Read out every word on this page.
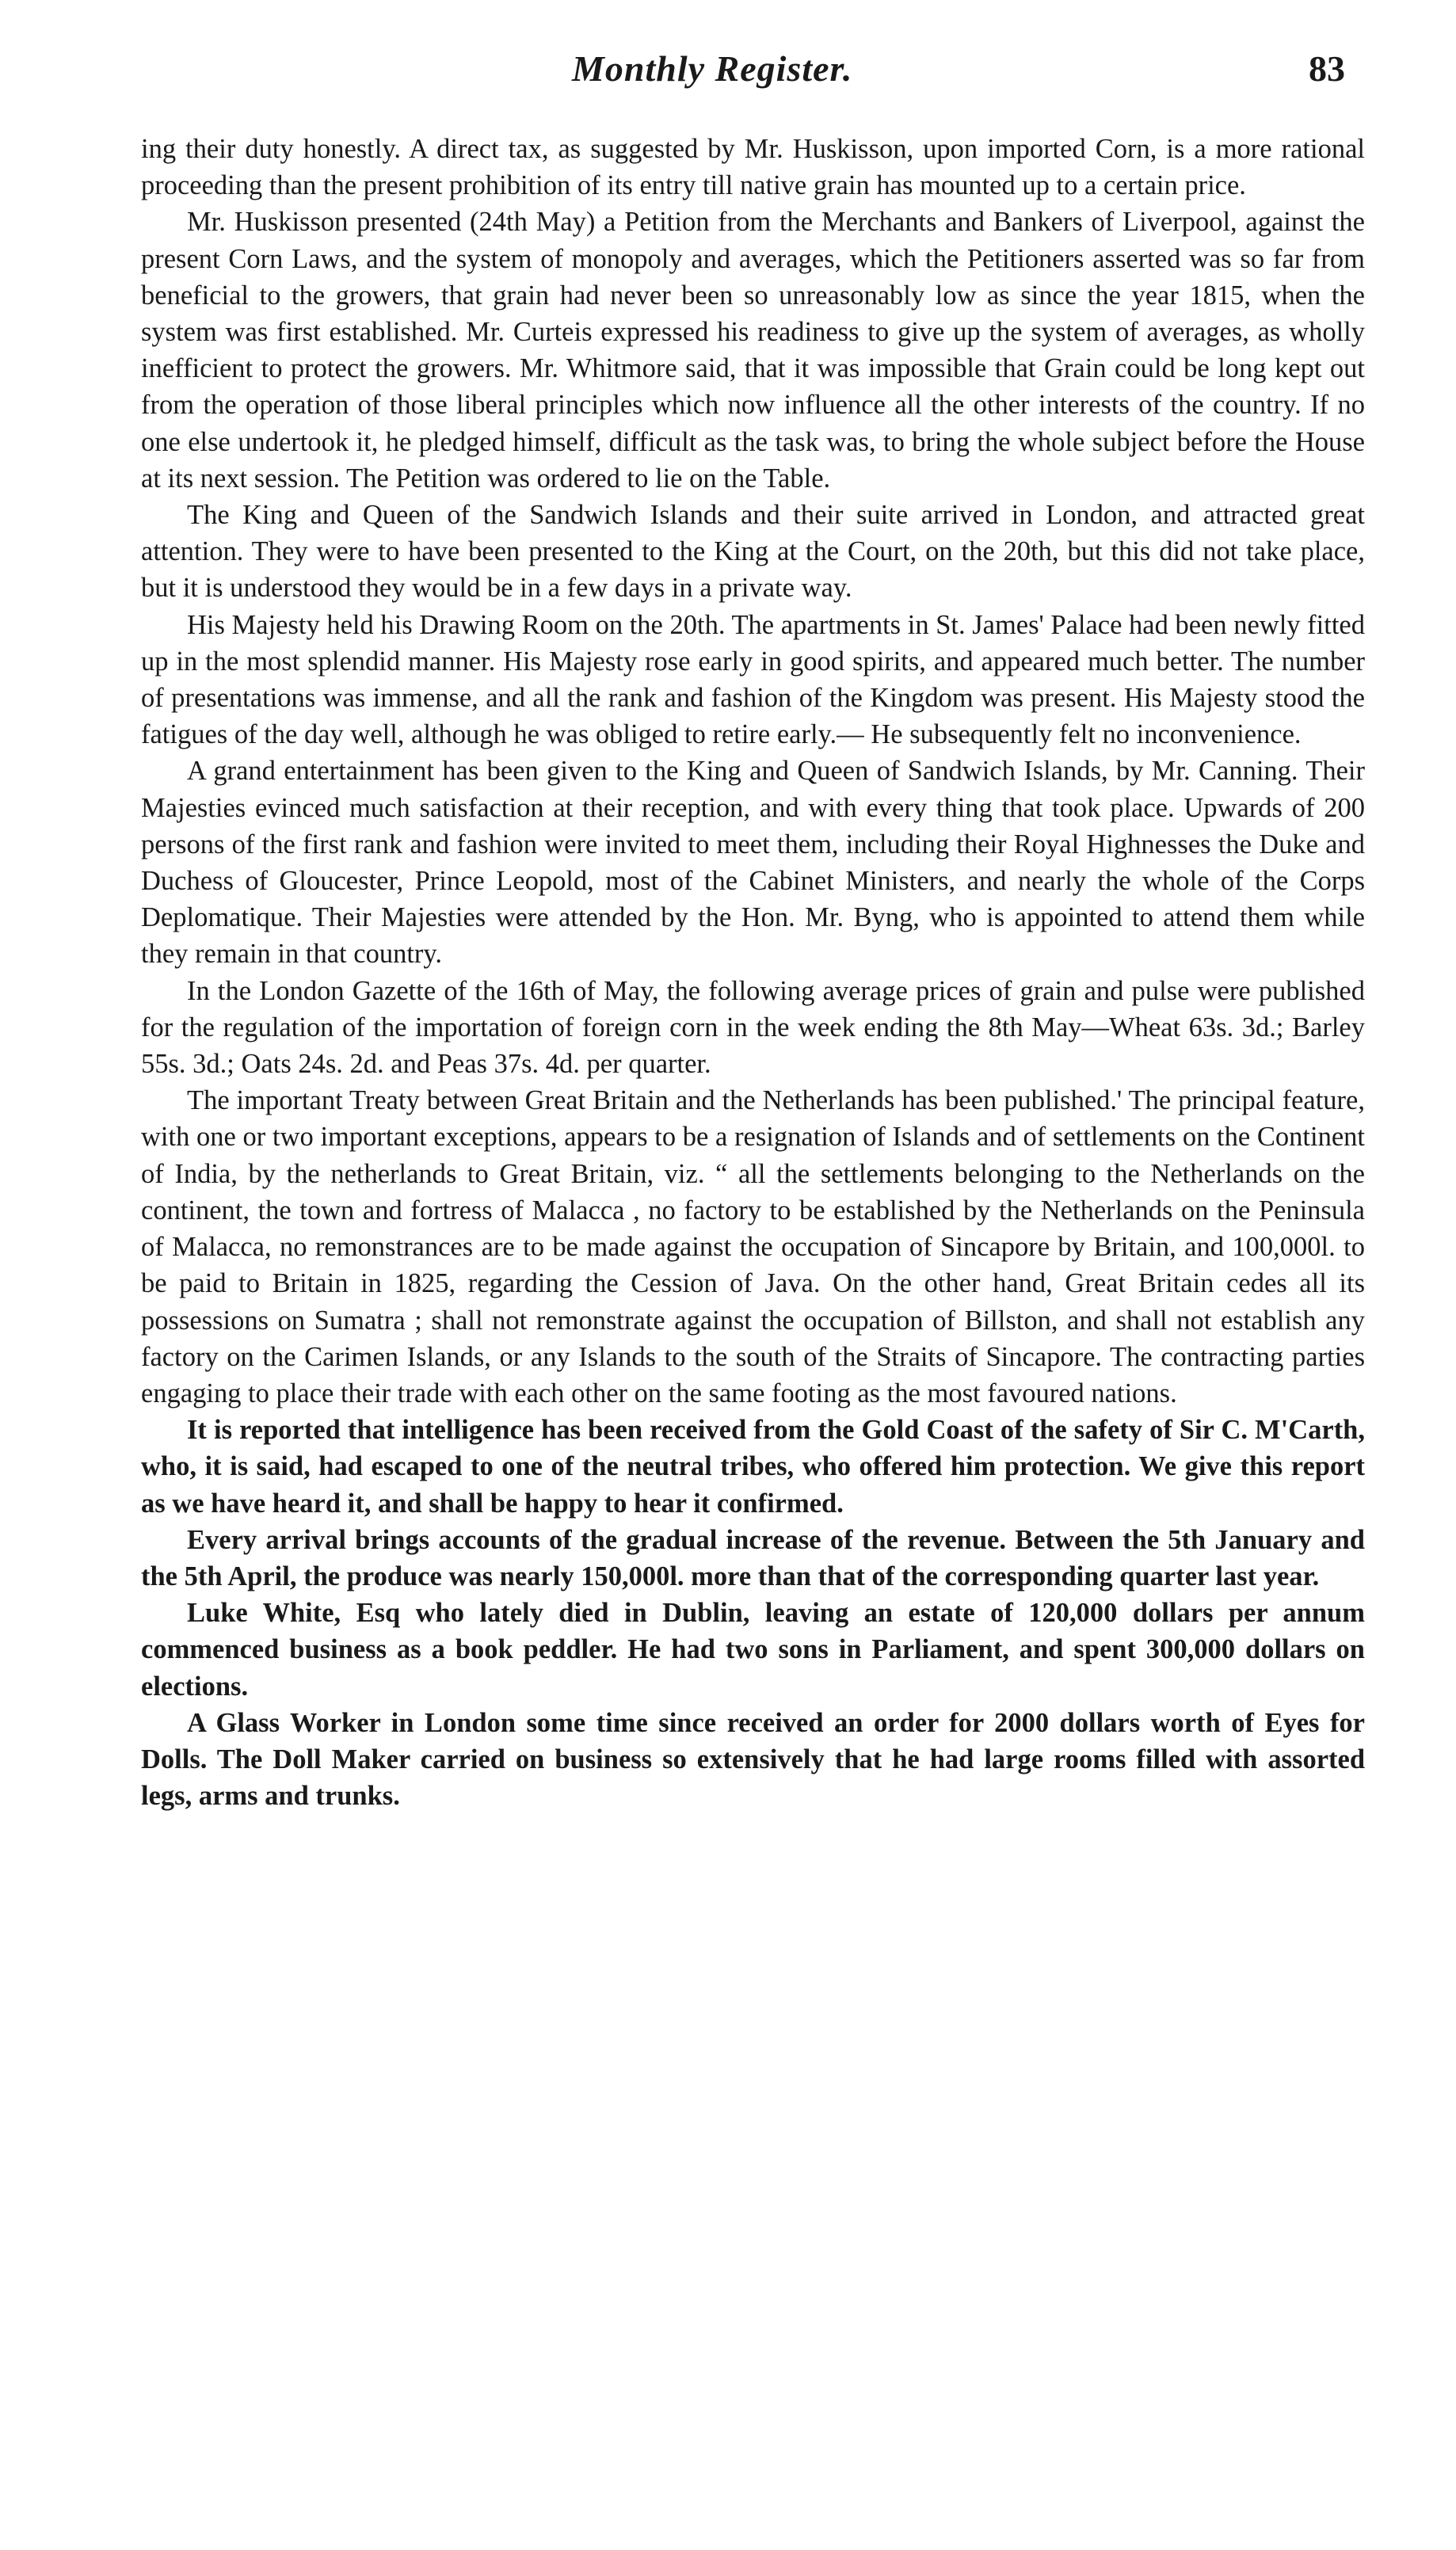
Monthly Register.	83

ing their duty honestly. A direct tax, as suggested by Mr. Huskisson, upon imported Corn, is a more rational proceeding than the present prohibition of its entry till native grain has mounted up to a certain price.

Mr. Huskisson presented (24th May) a Petition from the Merchants and Bankers of Liverpool, against the present Corn Laws, and the system of monopoly and averages, which the Petitioners asserted was so far from beneficial to the growers, that grain had never been so unreasonably low as since the year 1815, when the system was first established. Mr. Curteis expressed his readiness to give up the system of averages, as wholly inefficient to protect the growers. Mr. Whitmore said, that it was impossible that Grain could be long kept out from the operation of those liberal principles which now influence all the other interests of the country. If no one else undertook it, he pledged himself, difficult as the task was, to bring the whole subject before the House at its next session. The Petition was ordered to lie on the Table.

The King and Queen of the Sandwich Islands and their suite arrived in London, and attracted great attention. They were to have been presented to the King at the Court, on the 20th, but this did not take place, but it is understood they would be in a few days in a private way.

His Majesty held his Drawing Room on the 20th. The apartments in St. James' Palace had been newly fitted up in the most splendid manner. His Majesty rose early in good spirits, and appeared much better. The number of presentations was immense, and all the rank and fashion of the Kingdom was present. His Majesty stood the fatigues of the day well, although he was obliged to retire early.— He subsequently felt no inconvenience.

A grand entertainment has been given to the King and Queen of Sandwich Islands, by Mr. Canning. Their Majesties evinced much satisfaction at their reception, and with every thing that took place. Upwards of 200 persons of the first rank and fashion were invited to meet them, including their Royal Highnesses the Duke and Duchess of Gloucester, Prince Leopold, most of the Cabinet Ministers, and nearly the whole of the Corps Deplomatique. Their Majesties were attended by the Hon. Mr. Byng, who is appointed to attend them while they remain in that country.

In the London Gazette of the 16th of May, the following average prices of grain and pulse were published for the regulation of the importation of foreign corn in the week ending the 8th May—Wheat 63s. 3d.; Barley 55s. 3d.; Oats 24s. 2d. and Peas 37s. 4d. per quarter.

The important Treaty between Great Britain and the Netherlands has been published.' The principal feature, with one or two important exceptions, appears to be a resignation of Islands and of settlements on the Continent of India, by the netherlands to Great Britain, viz. “ all the settlements belonging to the Netherlands on the continent, the town and fortress of Malacca , no factory to be established by the Netherlands on the Peninsula of Malacca, no remonstrances are to be made against the occupation of Sincapore by Britain, and 100,000l. to be paid to Britain in 1825, regarding the Cession of Java. On the other hand, Great Britain cedes all its possessions on Sumatra ; shall not remonstrate against the occupation of Billston, and shall not establish any factory on the Carimen Islands, or any Islands to the south of the Straits of Sincapore. The contracting parties engaging to place their trade with each other on the same footing as the most favoured nations.

It is reported that intelligence has been received from the Gold Coast of the safety of Sir C. M'Carth, who, it is said, had escaped to one of the neutral tribes, who offered him protection. We give this report as we have heard it, and shall be happy to hear it confirmed.

Every arrival brings accounts of the gradual increase of the revenue. Between the 5th January and the 5th April, the produce was nearly 150,000l. more than that of the corresponding quarter last year.

Luke White, Esq who lately died in Dublin, leaving an estate of 120,000 dollars per annum commenced business as a book peddler. He had two sons in Parliament, and spent 300,000 dollars on elections.

A Glass Worker in London some time since received an order for 2000 dollars worth of Eyes for Dolls. The Doll Maker carried on business so extensively that he had large rooms filled with assorted legs, arms and trunks.
